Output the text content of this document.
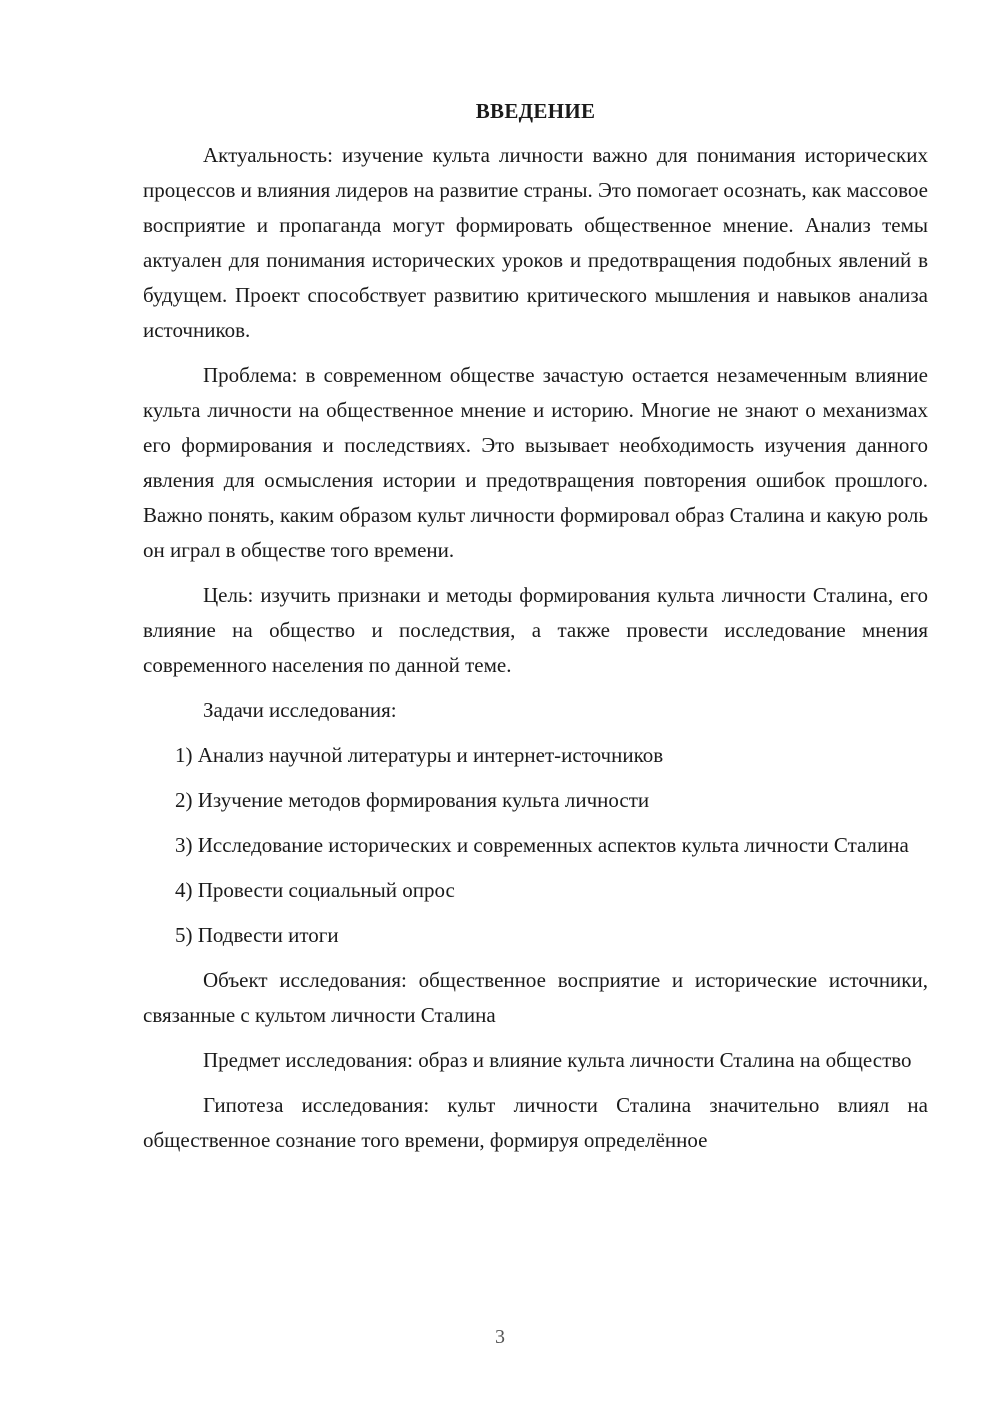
ВВЕДЕНИЕ

Актуальность: изучение культа личности важно для понимания исторических процессов и влияния лидеров на развитие страны. Это помогает осознать, как массовое восприятие и пропаганда могут формировать общественное мнение. Анализ темы актуален для понимания исторических уроков и предотвращения подобных явлений в будущем. Проект способствует развитию критического мышления и навыков анализа источников.

Проблема: в современном обществе зачастую остается незамеченным влияние культа личности на общественное мнение и историю. Многие не знают о механизмах его формирования и последствиях. Это вызывает необходимость изучения данного явления для осмысления истории и предотвращения повторения ошибок прошлого. Важно понять, каким образом культ личности формировал образ Сталина и какую роль он играл в обществе того времени.

Цель: изучить признаки и методы формирования культа личности Сталина, его влияние на общество и последствия, а также провести исследование мнения современного населения по данной теме.

Задачи исследования:

1) Анализ научной литературы и интернет-источников

2) Изучение методов формирования культа личности

3) Исследование исторических и современных аспектов культа личности Сталина

4) Провести социальный опрос

5) Подвести итоги

Объект исследования: общественное восприятие и исторические источники, связанные с культом личности Сталина

Предмет исследования: образ и влияние культа личности Сталина на общество

Гипотеза исследования: культ личности Сталина значительно влиял на общественное сознание того времени, формируя определённое

3
